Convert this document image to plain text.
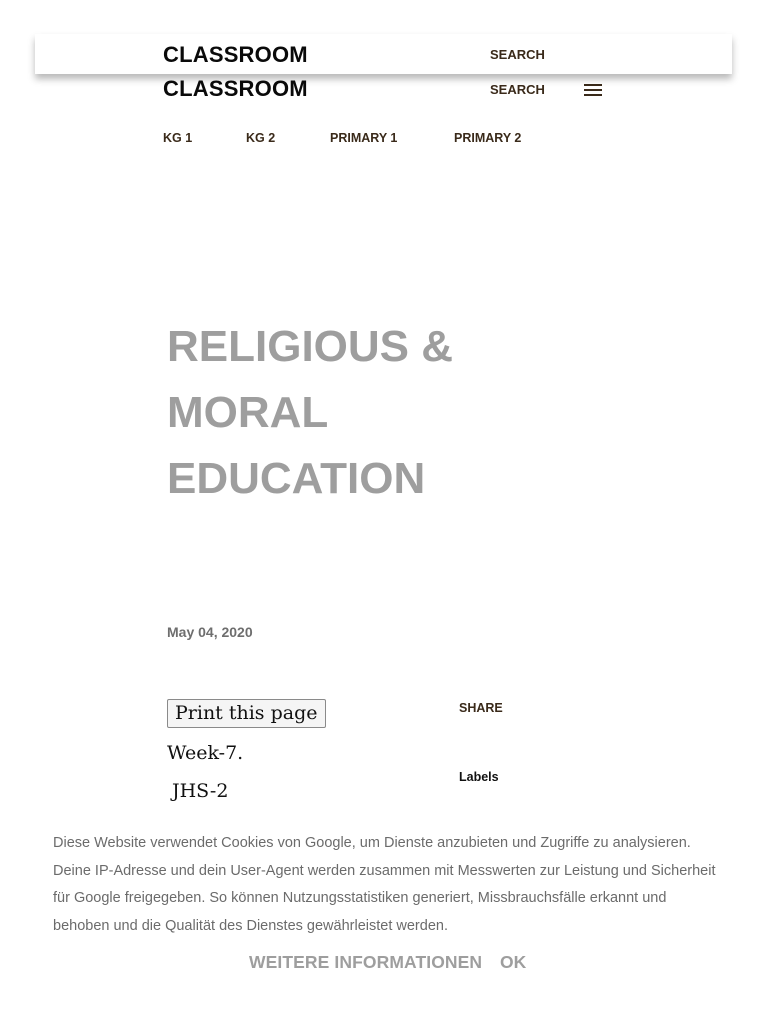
CLASSROOM	SEARCH
CLASSROOM	SEARCH
KG 1	KG 2	PRIMARY 1	PRIMARY 2
RELIGIOUS & MORAL EDUCATION
May 04, 2020
Print this page
Week-7.
JHS-2
SHARE
Labels

Diese Website verwendet Cookies von Google, um Dienste anzubieten und Zugriffe zu analysieren. Deine IP-Adresse und dein User-Agent werden zusammen mit Messwerten zur Leistung und Sicherheit für Google freigegeben. So können Nutzungsstatistiken generiert, Missbrauchsfälle erkannt und behoben und die Qualität des Dienstes gewährleistet werden.

WEITERE INFORMATIONEN OK
